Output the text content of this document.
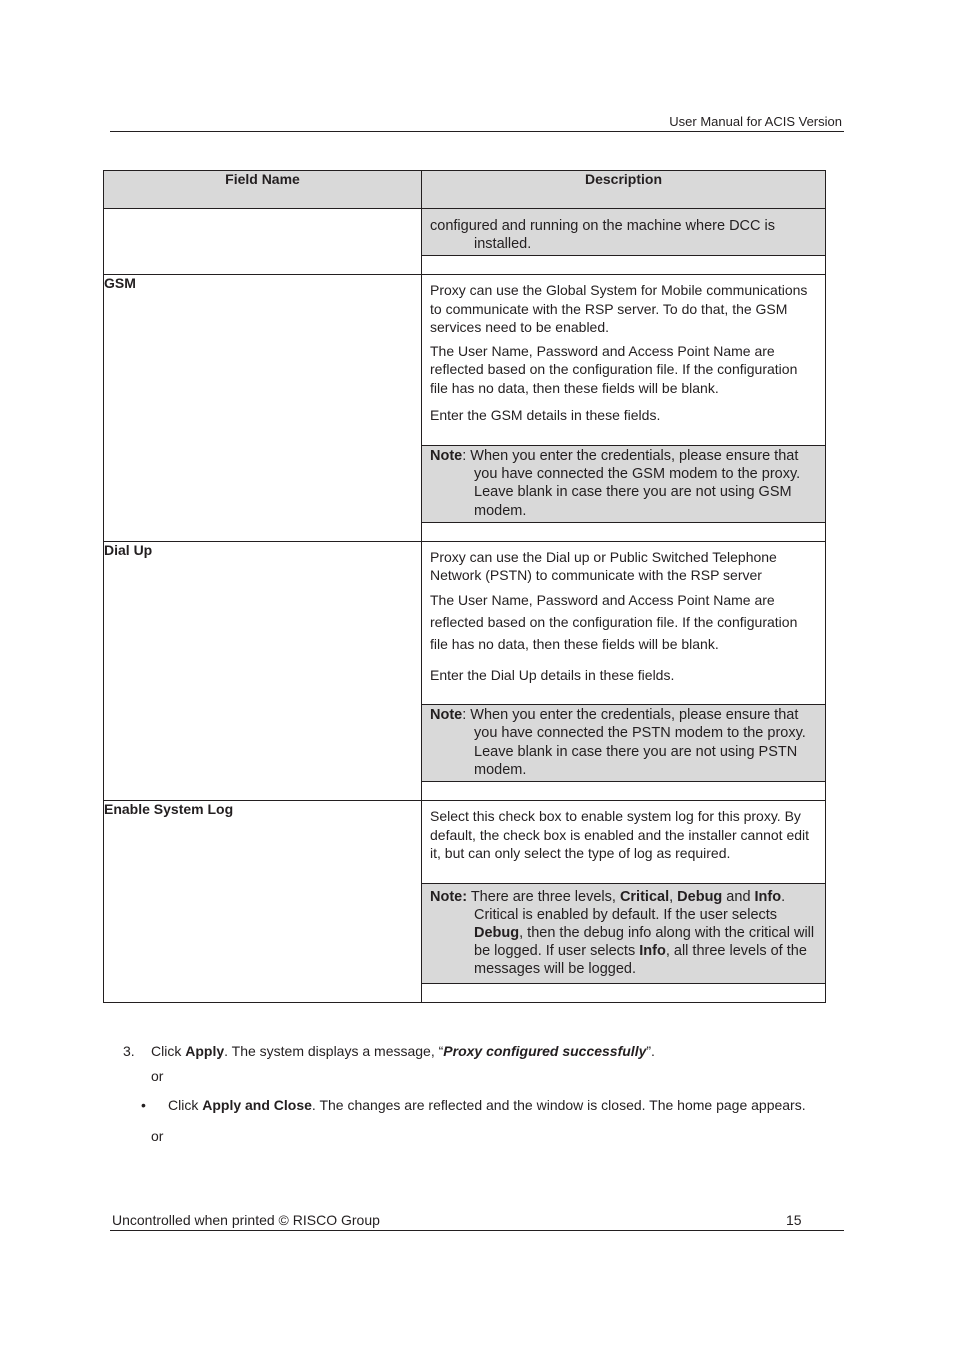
User Manual for ACIS Version
Field Name	Description

	configured and running on the machine where DCC is installed.

GSM	Proxy can use the Global System for Mobile communications to communicate with the RSP server. To do that, the GSM services need to be enabled.

The User Name, Password and Access Point Name are reflected based on the configuration file. If the configuration file has no data, then these fields will be blank.

Enter the GSM details in these fields.

Note: When you enter the credentials, please ensure that you have connected the GSM modem to the proxy. Leave blank in case there you are not using GSM modem.

Dial Up	Proxy can use the Dial up or Public Switched Telephone Network (PSTN) to communicate with the RSP server

The User Name, Password and Access Point Name are reflected based on the configuration file. If the configuration file has no data, then these fields will be blank.

Enter the Dial Up details in these fields.

Note: When you enter the credentials, please ensure that you have connected the PSTN modem to the proxy. Leave blank in case there you are not using PSTN modem.

Enable System Log	Select this check box to enable system log for this proxy. By default, the check box is enabled and the installer cannot edit it, but can only select the type of log as required.

Note: There are three levels, Critical, Debug and Info. Critical is enabled by default. If the user selects Debug, then the debug info along with the critical will be logged. If user selects Info, all three levels of the messages will be logged.
3. Click Apply. The system displays a message, “Proxy configured successfully”.
or
• Click Apply and Close. The changes are reflected and the window is closed. The home page appears.
or
Uncontrolled when printed © RISCO Group	15
